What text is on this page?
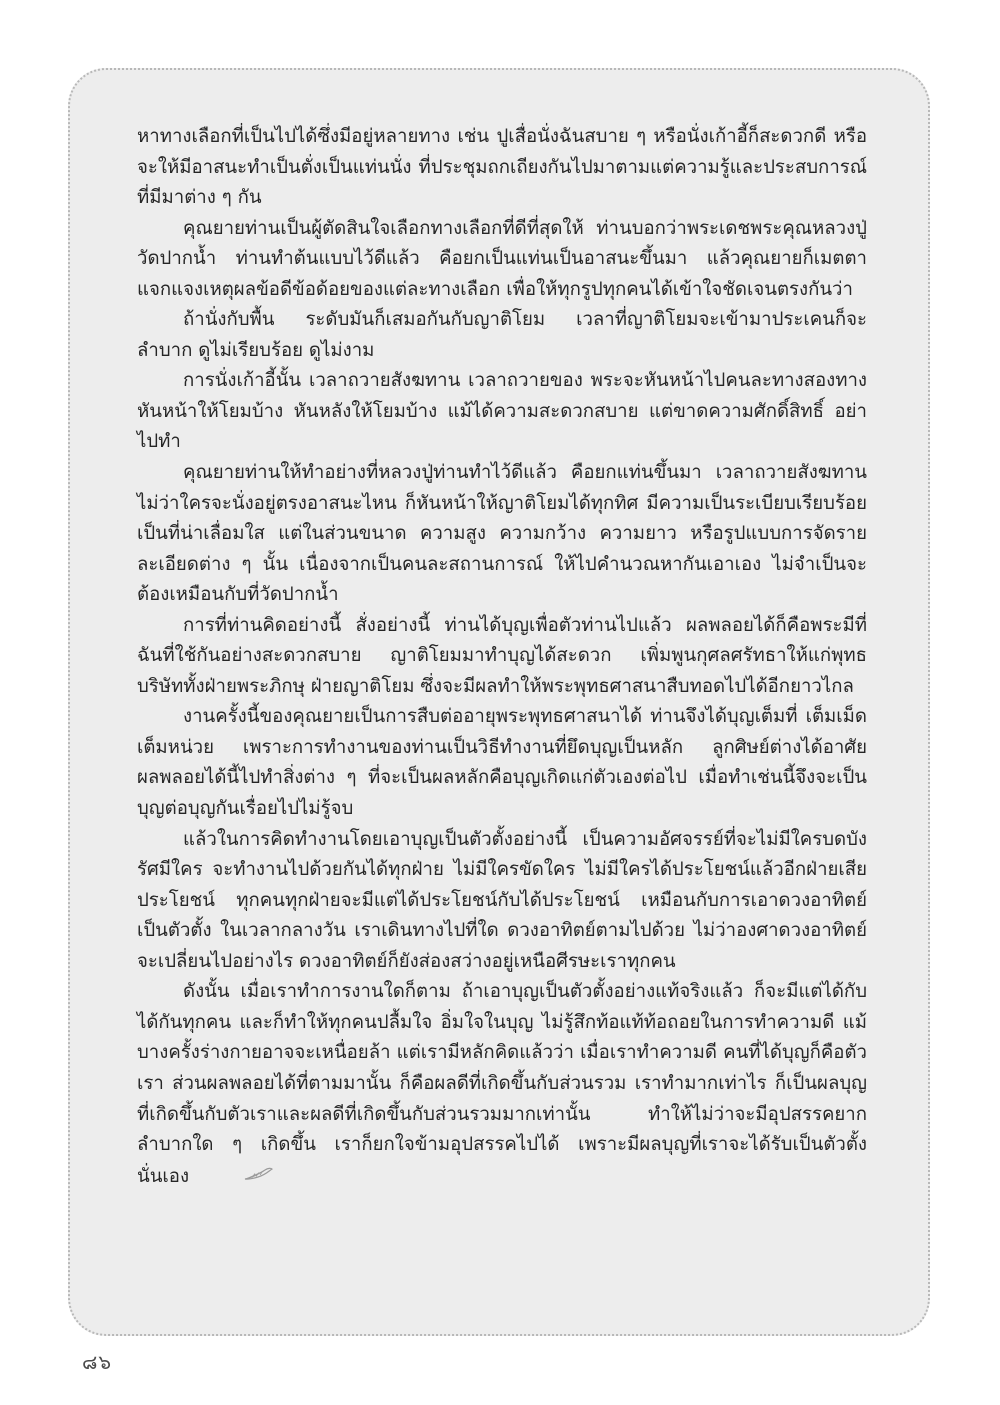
หาทางเลือกที่เป็นไปได้ซึ่งมีอยู่หลายทาง เช่น ปูเสื่อนั่งฉันสบาย ๆ หรือนั่งเก้าอี้ก็สะดวกดี หรือจะให้มีอาสนะทำเป็นตั่งเป็นแท่นนั่ง ที่ประชุมถกเถียงกันไปมาตามแต่ความรู้และประสบการณ์ที่มีมาต่าง ๆ กัน

คุณยายท่านเป็นผู้ตัดสินใจเลือกทางเลือกที่ดีที่สุดให้ ท่านบอกว่าพระเดชพระคุณหลวงปู่วัดปากน้ำ ท่านทำต้นแบบไว้ดีแล้ว คือยกเป็นแท่นเป็นอาสนะขึ้นมา แล้วคุณยายก็เมตตาแจกแจงเหตุผลข้อดีข้อด้อยของแต่ละทางเลือก เพื่อให้ทุกรูปทุกคนได้เข้าใจชัดเจนตรงกันว่า

ถ้านั่งกับพื้น ระดับมันก็เสมอกันกับญาติโยม เวลาที่ญาติโยมจะเข้ามาประเคนก็จะลำบาก ดูไม่เรียบร้อย ดูไม่งาม

การนั่งเก้าอี้นั้น เวลาถวายสังฆทาน เวลาถวายของ พระจะหันหน้าไปคนละทางสองทาง หันหน้าให้โยมบ้าง หันหลังให้โยมบ้าง แม้ได้ความสะดวกสบาย แต่ขาดความศักดิ์สิทธิ์ อย่าไปทำ

คุณยายท่านให้ทำอย่างที่หลวงปู่ท่านทำไว้ดีแล้ว คือยกแท่นขึ้นมา เวลาถวายสังฆทาน ไม่ว่าใครจะนั่งอยู่ตรงอาสนะไหน ก็หันหน้าให้ญาติโยมได้ทุกทิศ มีความเป็นระเบียบเรียบร้อย เป็นที่น่าเลื่อมใส แต่ในส่วนขนาด ความสูง ความกว้าง ความยาว หรือรูปแบบการจัดรายละเอียดต่าง ๆ นั้น เนื่องจากเป็นคนละสถานการณ์ ให้ไปคำนวณหากันเอาเอง ไม่จำเป็นจะต้องเหมือนกับที่วัดปากน้ำ

การที่ท่านคิดอย่างนี้ สั่งอย่างนี้ ท่านได้บุญเพื่อตัวท่านไปแล้ว ผลพลอยได้ก็คือพระมีที่ฉันที่ใช้กันอย่างสะดวกสบาย ญาติโยมมาทำบุญได้สะดวก เพิ่มพูนกุศลศรัทธาให้แก่พุทธบริษัททั้งฝ่ายพระภิกษุ ฝ่ายญาติโยม ซึ่งจะมีผลทำให้พระพุทธศาสนาสืบทอดไปได้อีกยาวไกล

งานครั้งนี้ของคุณยายเป็นการสืบต่ออายุพระพุทธศาสนาได้ ท่านจึงได้บุญเต็มที่ เต็มเม็ดเต็มหน่วย เพราะการทำงานของท่านเป็นวิธีทำงานที่ยึดบุญเป็นหลัก ลูกศิษย์ต่างได้อาศัยผลพลอยได้นี้ไปทำสิ่งต่าง ๆ ที่จะเป็นผลหลักคือบุญเกิดแก่ตัวเองต่อไป เมื่อทำเช่นนี้จึงจะเป็นบุญต่อบุญกันเรื่อยไปไม่รู้จบ

แล้วในการคิดทำงานโดยเอาบุญเป็นตัวตั้งอย่างนี้ เป็นความอัศจรรย์ที่จะไม่มีใครบดบังรัศมีใคร จะทำงานไปด้วยกันได้ทุกฝ่าย ไม่มีใครขัดใคร ไม่มีใครได้ประโยชน์แล้วอีกฝ่ายเสียประโยชน์ ทุกคนทุกฝ่ายจะมีแต่ได้ประโยชน์กับได้ประโยชน์ เหมือนกับการเอาดวงอาทิตย์เป็นตัวตั้ง ในเวลากลางวัน เราเดินทางไปที่ใด ดวงอาทิตย์ตามไปด้วย ไม่ว่าองศาดวงอาทิตย์จะเปลี่ยนไปอย่างไร ดวงอาทิตย์ก็ยังส่องสว่างอยู่เหนือศีรษะเราทุกคน

ดังนั้น เมื่อเราทำการงานใดก็ตาม ถ้าเอาบุญเป็นตัวตั้งอย่างแท้จริงแล้ว ก็จะมีแต่ได้กับได้กันทุกคน และก็ทำให้ทุกคนปลื้มใจ อิ่มใจในบุญ ไม่รู้สึกท้อแท้ท้อถอยในการทำความดี แม้บางครั้งร่างกายอาจจะเหนื่อยล้า แต่เรามีหลักคิดแล้วว่า เมื่อเราทำความดี คนที่ได้บุญก็คือตัวเรา ส่วนผลพลอยได้ที่ตามมานั้น ก็คือผลดีที่เกิดขึ้นกับส่วนรวม เราทำมากเท่าไร ก็เป็นผลบุญที่เกิดขึ้นกับตัวเราและผลดีที่เกิดขึ้นกับส่วนรวมมากเท่านั้น ทำให้ไม่ว่าจะมีอุปสรรคยากลำบากใด ๆ เกิดขึ้น เราก็ยกใจข้ามอุปสรรคไปได้ เพราะมีผลบุญที่เราจะได้รับเป็นตัวตั้งนั่นเอง

๘๖
